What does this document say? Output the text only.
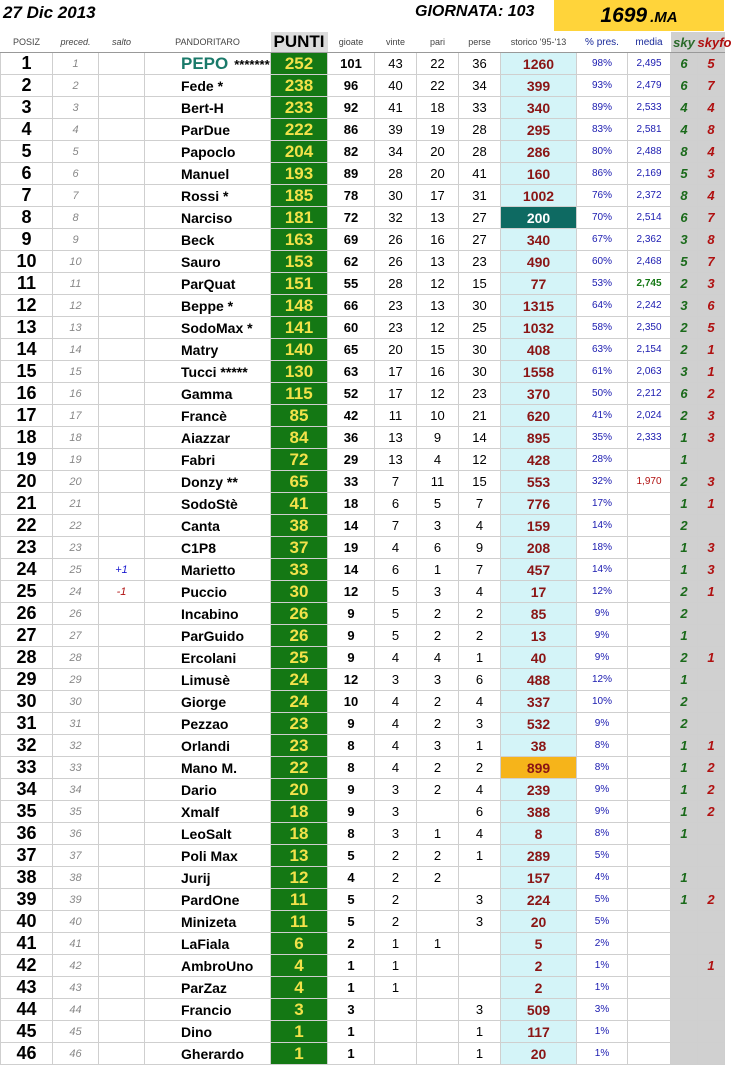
27 Dic 2013	GIORNATA: 103	1699 .MA
POSIZ	preced.	salto	PANDORITARO	PUNTI	gioate	vinte	pari	perse	storico '95-'13	% pres.	media	sky	skyfo
1	1		PEPO *******	252	101	43	22	36	1260	98%	2,495	6	5
2	2		Fede *	238	96	40	22	34	399	93%	2,479	6	7
3	3		Bert-H	233	92	41	18	33	340	89%	2,533	4	4
4	4		ParDue	222	86	39	19	28	295	83%	2,581	4	8
5	5		Papoclo	204	82	34	20	28	286	80%	2,488	8	4
6	6		Manuel	193	89	28	20	41	160	86%	2,169	5	3
7	7		Rossi *	185	78	30	17	31	1002	76%	2,372	8	4
8	8		Narciso	181	72	32	13	27	200	70%	2,514	6	7
9	9		Beck	163	69	26	16	27	340	67%	2,362	3	8
10	10		Sauro	153	62	26	13	23	490	60%	2,468	5	7
11	11		ParQuat	151	55	28	12	15	77	53%	2,745	2	3
12	12		Beppe *	148	66	23	13	30	1315	64%	2,242	3	6
13	13		SodoMax *	141	60	23	12	25	1032	58%	2,350	2	5
14	14		Matry	140	65	20	15	30	408	63%	2,154	2	1
15	15		Tucci *****	130	63	17	16	30	1558	61%	2,063	3	1
16	16		Gamma	115	52	17	12	23	370	50%	2,212	6	2
17	17		Francè	85	42	11	10	21	620	41%	2,024	2	3
18	18		Aiazzar	84	36	13	9	14	895	35%	2,333	1	3
19	19		Fabri	72	29	13	4	12	428	28%		1	
20	20		Donzy **	65	33	7	11	15	553	32%	1,970	2	3
21	21		SodoStè	41	18	6	5	7	776	17%		1	1
22	22		Canta	38	14	7	3	4	159	14%		2	
23	23		C1P8	37	19	4	6	9	208	18%		1	3
24	25	+1	Marietto	33	14	6	1	7	457	14%		1	3
25	24	-1	Puccio	30	12	5	3	4	17	12%		2	1
26	26		Incabino	26	9	5	2	2	85	9%		2	
27	27		ParGuido	26	9	5	2	2	13	9%		1	
28	28		Ercolani	25	9	4	4	1	40	9%		2	1
29	29		Limusè	24	12	3	3	6	488	12%		1	
30	30		Giorge	24	10	4	2	4	337	10%		2	
31	31		Pezzao	23	9	4	2	3	532	9%		2	
32	32		Orlandi	23	8	4	3	1	38	8%		1	1
33	33		Mano M.	22	8	4	2	2	899	8%		1	2
34	34		Dario	20	9	3	2	4	239	9%		1	2
35	35		Xmalf	18	9	3		6	388	9%		1	2
36	36		LeoSalt	18	8	3	1	4	8	8%		1	
37	37		Poli Max	13	5	2	2	1	289	5%			
38	38		Jurij	12	4	2	2		157	4%		1	
39	39		PardOne	11	5	2		3	224	5%		1	2
40	40		Minizeta	11	5	2		3	20	5%			
41	41		LaFiala	6	2	1	1		5	2%			
42	42		AmbroUno	4	1	1			2	1%			1
43	43		ParZaz	4	1	1			2	1%			
44	44		Francio	3	3			3	509	3%			
45	45		Dino	1	1			1	117	1%			
46	46		Gherardo	1	1			1	20	1%			
